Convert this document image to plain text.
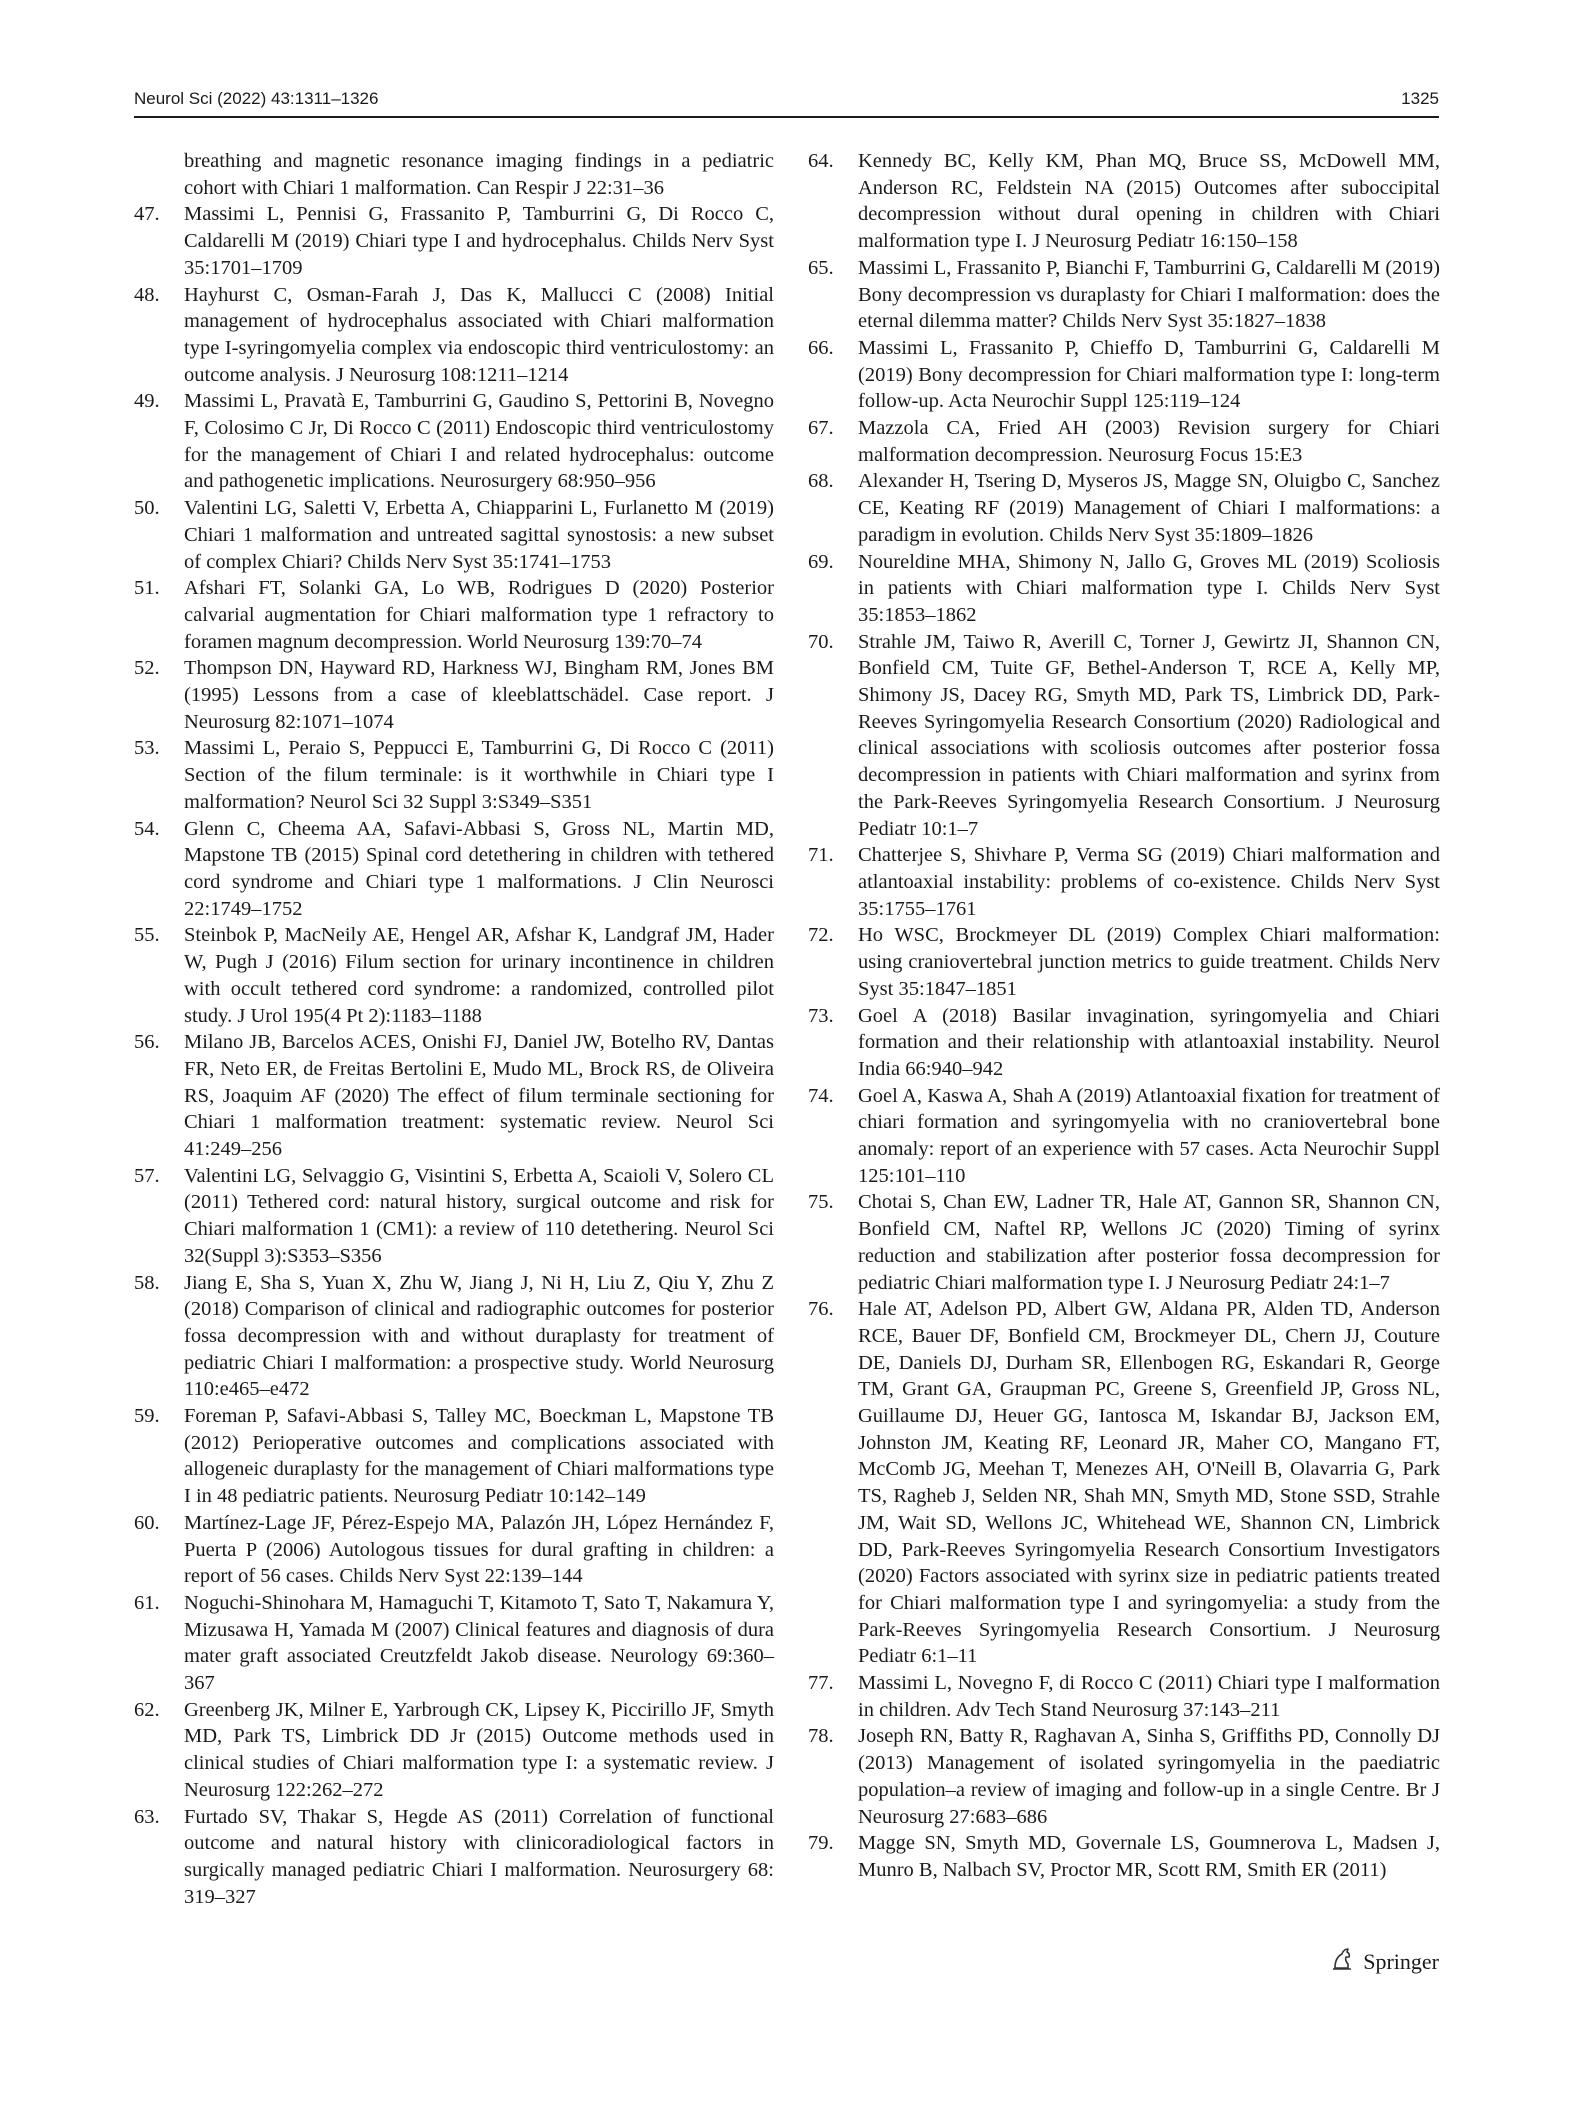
Neurol Sci (2022) 43:1311–1326	1325
breathing and magnetic resonance imaging findings in a pediatric cohort with Chiari 1 malformation. Can Respir J 22:31–36
47.	Massimi L, Pennisi G, Frassanito P, Tamburrini G, Di Rocco C, Caldarelli M (2019) Chiari type I and hydrocephalus. Childs Nerv Syst 35:1701–1709
48.	Hayhurst C, Osman-Farah J, Das K, Mallucci C (2008) Initial management of hydrocephalus associated with Chiari malformation type I-syringomyelia complex via endoscopic third ventriculostomy: an outcome analysis. J Neurosurg 108:1211–1214
49.	Massimi L, Pravatà E, Tamburrini G, Gaudino S, Pettorini B, Novegno F, Colosimo C Jr, Di Rocco C (2011) Endoscopic third ventriculostomy for the management of Chiari I and related hydrocephalus: outcome and pathogenetic implications. Neurosurgery 68:950–956
50.	Valentini LG, Saletti V, Erbetta A, Chiapparini L, Furlanetto M (2019) Chiari 1 malformation and untreated sagittal synostosis: a new subset of complex Chiari? Childs Nerv Syst 35:1741–1753
51.	Afshari FT, Solanki GA, Lo WB, Rodrigues D (2020) Posterior calvarial augmentation for Chiari malformation type 1 refractory to foramen magnum decompression. World Neurosurg 139:70–74
52.	Thompson DN, Hayward RD, Harkness WJ, Bingham RM, Jones BM (1995) Lessons from a case of kleeblattschädel. Case report. J Neurosurg 82:1071–1074
53.	Massimi L, Peraio S, Peppucci E, Tamburrini G, Di Rocco C (2011) Section of the filum terminale: is it worthwhile in Chiari type I malformation? Neurol Sci 32 Suppl 3:S349–S351
54.	Glenn C, Cheema AA, Safavi-Abbasi S, Gross NL, Martin MD, Mapstone TB (2015) Spinal cord detethering in children with tethered cord syndrome and Chiari type 1 malformations. J Clin Neurosci 22:1749–1752
55.	Steinbok P, MacNeily AE, Hengel AR, Afshar K, Landgraf JM, Hader W, Pugh J (2016) Filum section for urinary incontinence in children with occult tethered cord syndrome: a randomized, controlled pilot study. J Urol 195(4 Pt 2):1183–1188
56.	Milano JB, Barcelos ACES, Onishi FJ, Daniel JW, Botelho RV, Dantas FR, Neto ER, de Freitas Bertolini E, Mudo ML, Brock RS, de Oliveira RS, Joaquim AF (2020) The effect of filum terminale sectioning for Chiari 1 malformation treatment: systematic review. Neurol Sci 41:249–256
57.	Valentini LG, Selvaggio G, Visintini S, Erbetta A, Scaioli V, Solero CL (2011) Tethered cord: natural history, surgical outcome and risk for Chiari malformation 1 (CM1): a review of 110 detethering. Neurol Sci 32(Suppl 3):S353–S356
58.	Jiang E, Sha S, Yuan X, Zhu W, Jiang J, Ni H, Liu Z, Qiu Y, Zhu Z (2018) Comparison of clinical and radiographic outcomes for posterior fossa decompression with and without duraplasty for treatment of pediatric Chiari I malformation: a prospective study. World Neurosurg 110:e465–e472
59.	Foreman P, Safavi-Abbasi S, Talley MC, Boeckman L, Mapstone TB (2012) Perioperative outcomes and complications associated with allogeneic duraplasty for the management of Chiari malformations type I in 48 pediatric patients. Neurosurg Pediatr 10:142–149
60.	Martínez-Lage JF, Pérez-Espejo MA, Palazón JH, López Hernández F, Puerta P (2006) Autologous tissues for dural grafting in children: a report of 56 cases. Childs Nerv Syst 22:139–144
61.	Noguchi-Shinohara M, Hamaguchi T, Kitamoto T, Sato T, Nakamura Y, Mizusawa H, Yamada M (2007) Clinical features and diagnosis of dura mater graft associated Creutzfeldt Jakob disease. Neurology 69:360–367
62.	Greenberg JK, Milner E, Yarbrough CK, Lipsey K, Piccirillo JF, Smyth MD, Park TS, Limbrick DD Jr (2015) Outcome methods used in clinical studies of Chiari malformation type I: a systematic review. J Neurosurg 122:262–272
63.	Furtado SV, Thakar S, Hegde AS (2011) Correlation of functional outcome and natural history with clinicoradiological factors in surgically managed pediatric Chiari I malformation. Neurosurgery 68: 319–327
64.	Kennedy BC, Kelly KM, Phan MQ, Bruce SS, McDowell MM, Anderson RC, Feldstein NA (2015) Outcomes after suboccipital decompression without dural opening in children with Chiari malformation type I. J Neurosurg Pediatr 16:150–158
65.	Massimi L, Frassanito P, Bianchi F, Tamburrini G, Caldarelli M (2019) Bony decompression vs duraplasty for Chiari I malformation: does the eternal dilemma matter? Childs Nerv Syst 35:1827–1838
66.	Massimi L, Frassanito P, Chieffo D, Tamburrini G, Caldarelli M (2019) Bony decompression for Chiari malformation type I: long-term follow-up. Acta Neurochir Suppl 125:119–124
67.	Mazzola CA, Fried AH (2003) Revision surgery for Chiari malformation decompression. Neurosurg Focus 15:E3
68.	Alexander H, Tsering D, Myseros JS, Magge SN, Oluigbo C, Sanchez CE, Keating RF (2019) Management of Chiari I malformations: a paradigm in evolution. Childs Nerv Syst 35:1809–1826
69.	Noureldine MHA, Shimony N, Jallo G, Groves ML (2019) Scoliosis in patients with Chiari malformation type I. Childs Nerv Syst 35:1853–1862
70.	Strahle JM, Taiwo R, Averill C, Torner J, Gewirtz JI, Shannon CN, Bonfield CM, Tuite GF, Bethel-Anderson T, RCE A, Kelly MP, Shimony JS, Dacey RG, Smyth MD, Park TS, Limbrick DD, Park-Reeves Syringomyelia Research Consortium (2020) Radiological and clinical associations with scoliosis outcomes after posterior fossa decompression in patients with Chiari malformation and syrinx from the Park-Reeves Syringomyelia Research Consortium. J Neurosurg Pediatr 10:1–7
71.	Chatterjee S, Shivhare P, Verma SG (2019) Chiari malformation and atlantoaxial instability: problems of co-existence. Childs Nerv Syst 35:1755–1761
72.	Ho WSC, Brockmeyer DL (2019) Complex Chiari malformation: using craniovertebral junction metrics to guide treatment. Childs Nerv Syst 35:1847–1851
73.	Goel A (2018) Basilar invagination, syringomyelia and Chiari formation and their relationship with atlantoaxial instability. Neurol India 66:940–942
74.	Goel A, Kaswa A, Shah A (2019) Atlantoaxial fixation for treatment of chiari formation and syringomyelia with no craniovertebral bone anomaly: report of an experience with 57 cases. Acta Neurochir Suppl 125:101–110
75.	Chotai S, Chan EW, Ladner TR, Hale AT, Gannon SR, Shannon CN, Bonfield CM, Naftel RP, Wellons JC (2020) Timing of syrinx reduction and stabilization after posterior fossa decompression for pediatric Chiari malformation type I. J Neurosurg Pediatr 24:1–7
76.	Hale AT, Adelson PD, Albert GW, Aldana PR, Alden TD, Anderson RCE, Bauer DF, Bonfield CM, Brockmeyer DL, Chern JJ, Couture DE, Daniels DJ, Durham SR, Ellenbogen RG, Eskandari R, George TM, Grant GA, Graupman PC, Greene S, Greenfield JP, Gross NL, Guillaume DJ, Heuer GG, Iantosca M, Iskandar BJ, Jackson EM, Johnston JM, Keating RF, Leonard JR, Maher CO, Mangano FT, McComb JG, Meehan T, Menezes AH, O'Neill B, Olavarria G, Park TS, Ragheb J, Selden NR, Shah MN, Smyth MD, Stone SSD, Strahle JM, Wait SD, Wellons JC, Whitehead WE, Shannon CN, Limbrick DD, Park-Reeves Syringomyelia Research Consortium Investigators (2020) Factors associated with syrinx size in pediatric patients treated for Chiari malformation type I and syringomyelia: a study from the Park-Reeves Syringomyelia Research Consortium. J Neurosurg Pediatr 6:1–11
77.	Massimi L, Novegno F, di Rocco C (2011) Chiari type I malformation in children. Adv Tech Stand Neurosurg 37:143–211
78.	Joseph RN, Batty R, Raghavan A, Sinha S, Griffiths PD, Connolly DJ (2013) Management of isolated syringomyelia in the paediatric population–a review of imaging and follow-up in a single Centre. Br J Neurosurg 27:683–686
79.	Magge SN, Smyth MD, Governale LS, Goumnerova L, Madsen J, Munro B, Nalbach SV, Proctor MR, Scott RM, Smith ER (2011)
Springer
